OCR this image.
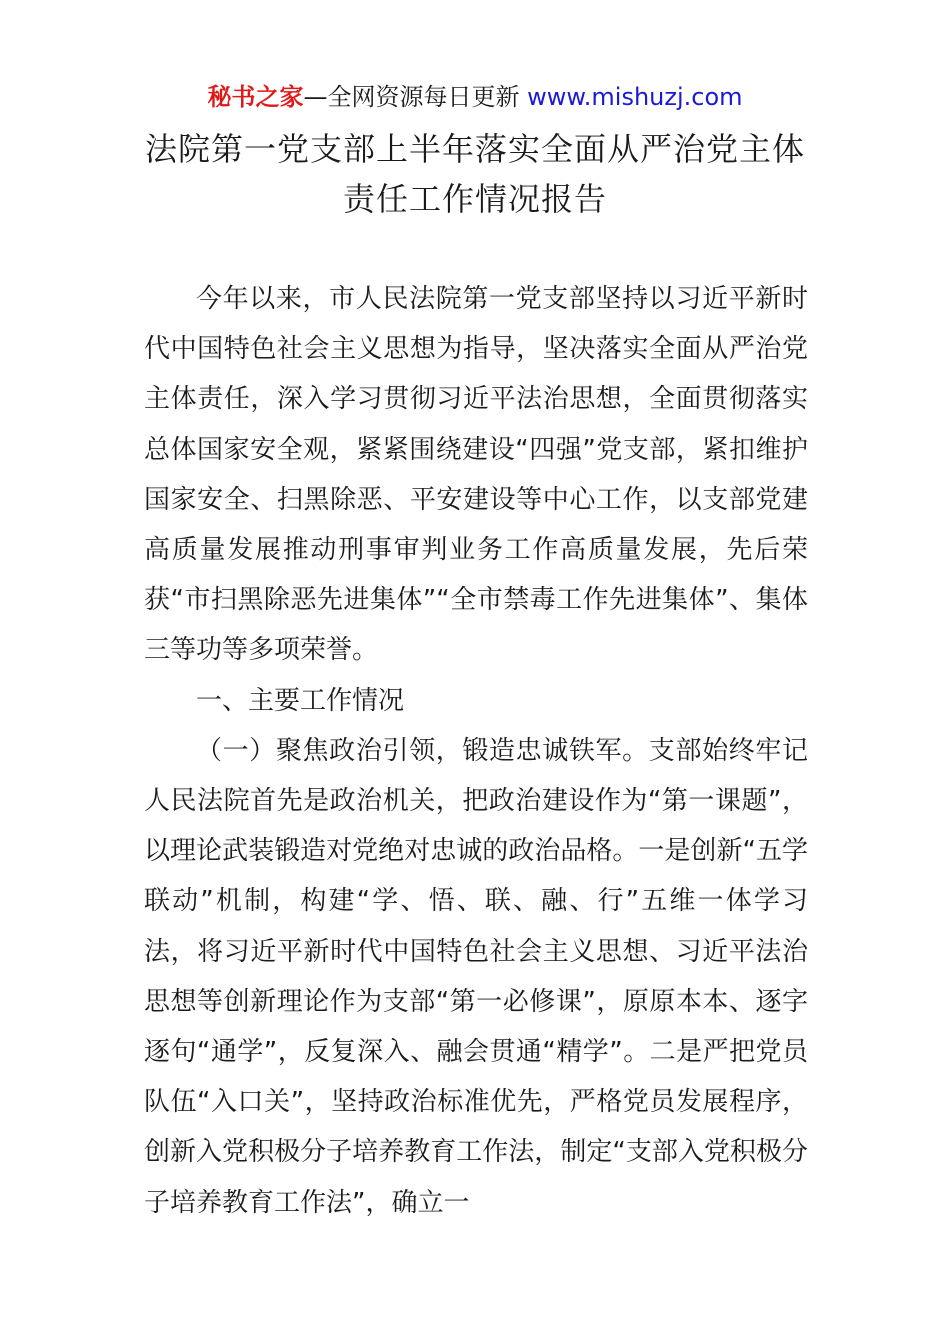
秘书之家—全网资源每日更新 www.mishuzj.com
法院第一党支部上半年落实全面从严治党主体
责任工作情况报告

今年以来，市人民法院第一党支部坚持以习近平新时代中国特色社会主义思想为指导，坚决落实全面从严治党主体责任，深入学习贯彻习近平法治思想，全面贯彻落实总体国家安全观，紧紧围绕建设“四强”党支部，紧扣维护国家安全、扫黑除恶、平安建设等中心工作，以支部党建高质量发展推动刑事审判业务工作高质量发展，先后荣获“市扫黑除恶先进集体”“全市禁毒工作先进集体”、集体三等功等多项荣誉。

一、主要工作情况

（一）聚焦政治引领，锻造忠诚铁军。支部始终牢记人民法院首先是政治机关，把政治建设作为“第一课题”，以理论武装锻造对党绝对忠诚的政治品格。一是创新“五学联动”机制，构建“学、悟、联、融、行”五维一体学习法，将习近平新时代中国特色社会主义思想、习近平法治思想等创新理论作为支部“第一必修课”，原原本本、逐字逐句“通学”，反复深入、融会贯通“精学”。二是严把党员队伍“入口关”，坚持政治标准优先，严格党员发展程序，创新入党积极分子培养教育工作法，制定“支部入党积极分子培养教育工作法”，确立一
